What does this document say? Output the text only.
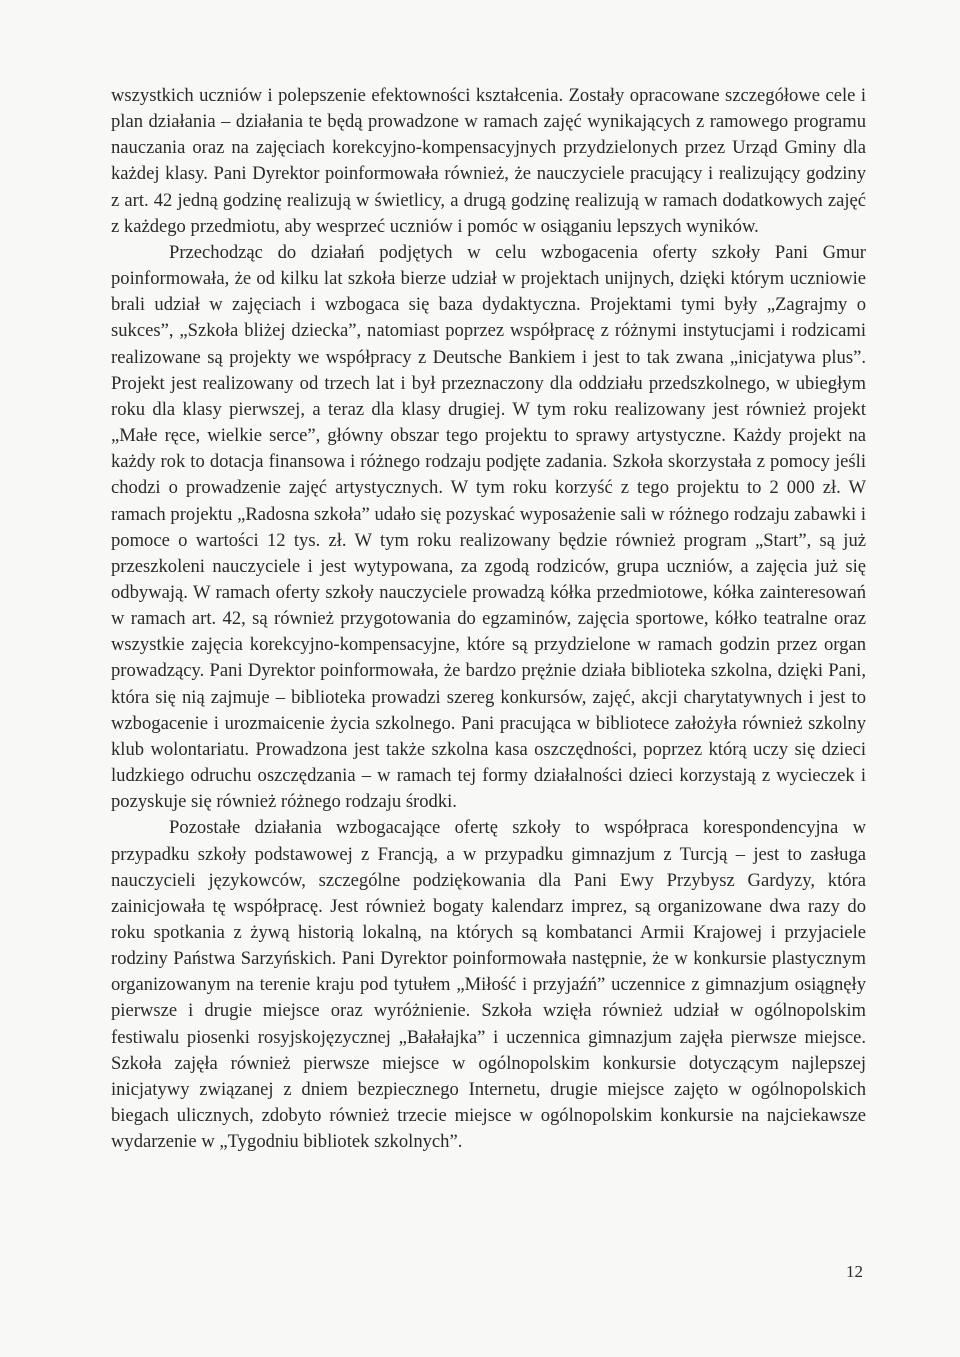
wszystkich uczniów i polepszenie efektowności kształcenia. Zostały opracowane szczegółowe cele i plan działania – działania te będą prowadzone w ramach zajęć wynikających z ramowego programu nauczania oraz na zajęciach korekcyjno-kompensacyjnych przydzielonych przez Urząd Gminy dla każdej klasy. Pani Dyrektor poinformowała również, że nauczyciele pracujący i realizujący godziny z art. 42 jedną godzinę realizują w świetlicy, a drugą godzinę realizują w ramach dodatkowych zajęć z każdego przedmiotu, aby wesprzeć uczniów i pomóc w osiąganiu lepszych wyników.

Przechodząc do działań podjętych w celu wzbogacenia oferty szkoły Pani Gmur poinformowała, że od kilku lat szkoła bierze udział w projektach unijnych, dzięki którym uczniowie brali udział w zajęciach i wzbogaca się baza dydaktyczna. Projektami tymi były „Zagrajmy o sukces”, „Szkoła bliżej dziecka”, natomiast poprzez współpracę z różnymi instytucjami i rodzicami realizowane są projekty we współpracy z Deutsche Bankiem i jest to tak zwana „inicjatywa plus”. Projekt jest realizowany od trzech lat i był przeznaczony dla oddziału przedszkolnego, w ubiegłym roku dla klasy pierwszej, a teraz dla klasy drugiej. W tym roku realizowany jest również projekt „Małe ręce, wielkie serce”, główny obszar tego projektu to sprawy artystyczne. Każdy projekt na każdy rok to dotacja finansowa i różnego rodzaju podjęte zadania. Szkoła skorzystała z pomocy jeśli chodzi o prowadzenie zajęć artystycznych. W tym roku korzyść z tego projektu to 2 000 zł. W ramach projektu „Radosna szkoła” udało się pozyskać wyposażenie sali w różnego rodzaju zabawki i pomoce o wartości 12 tys. zł. W tym roku realizowany będzie również program „Start”, są już przeszkoleni nauczyciele i jest wytypowana, za zgodą rodziców, grupa uczniów, a zajęcia już się odbywają. W ramach oferty szkoły nauczyciele prowadzą kółka przedmiotowe, kółka zainteresowań w ramach art. 42, są również przygotowania do egzaminów, zajęcia sportowe, kółko teatralne oraz wszystkie zajęcia korekcyjno-kompensacyjne, które są przydzielone w ramach godzin przez organ prowadzący. Pani Dyrektor poinformowała, że bardzo prężnie działa biblioteka szkolna, dzięki Pani, która się nią zajmuje – biblioteka prowadzi szereg konkursów, zajęć, akcji charytatywnych i jest to wzbogacenie i urozmaicenie życia szkolnego. Pani pracująca w bibliotece założyła również szkolny klub wolontariatu. Prowadzona jest także szkolna kasa oszczędności, poprzez którą uczy się dzieci ludzkiego odruchu oszczędzania – w ramach tej formy działalności dzieci korzystają z wycieczek i pozyskuje się również różnego rodzaju środki.

Pozostałe działania wzbogacające ofertę szkoły to współpraca korespondencyjna w przypadku szkoły podstawowej z Francją, a w przypadku gimnazjum z Turcją – jest to zasługa nauczycieli językowców, szczególne podziękowania dla Pani Ewy Przybysz Gardyzy, która zainicjowała tę współpracę. Jest również bogaty kalendarz imprez, są organizowane dwa razy do roku spotkania z żywą historią lokalną, na których są kombatanci Armii Krajowej i przyjaciele rodziny Państwa Sarzyńskich. Pani Dyrektor poinformowała następnie, że w konkursie plastycznym organizowanym na terenie kraju pod tytułem „Miłość i przyjaźń” uczennice z gimnazjum osiągnęły pierwsze i drugie miejsce oraz wyróżnienie. Szkoła wzięła również udział w ogólnopolskim festiwalu piosenki rosyjskojęzycznej „Bałałajka” i uczennica gimnazjum zajęła pierwsze miejsce. Szkoła zajęła również pierwsze miejsce w ogólnopolskim konkursie dotyczącym najlepszej inicjatywy związanej z dniem bezpiecznego Internetu, drugie miejsce zajęto w ogólnopolskich biegach ulicznych, zdobyto również trzecie miejsce w ogólnopolskim konkursie na najciekawsze wydarzenie w „Tygodniu bibliotek szkolnych”.

12
